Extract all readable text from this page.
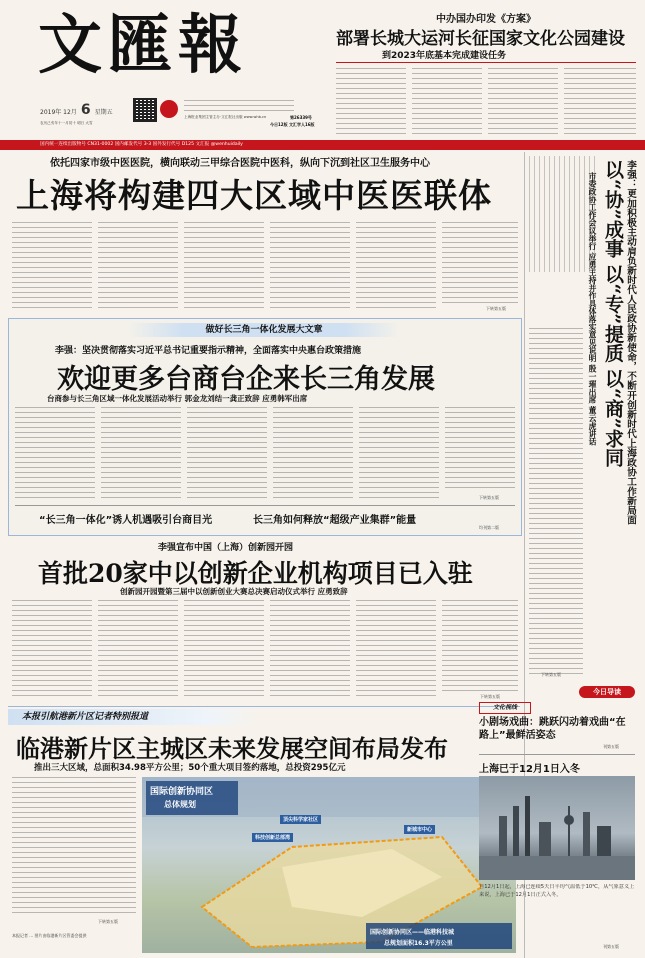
文匯報
2019年 12月 6 星期五
农历己亥年十一月初十 明日 大雪
上海报业集团主管主办·文汇报社出版 www.whb.cn	第26339号
今日12版 文汇学人16版
中办国办印发《方案》
部署长城大运河长征国家文化公园建设
到2023年底基本完成建设任务
国内统一连续出版物号 CN31-0002 国内邮发代号 3-3 国外发行代号 D125 文汇报 @wenhuidaily
依托四家市级中医医院，横向联动三甲综合医院中医科，纵向下沉到社区卫生服务中心
上海将构建四大区域中医医联体
下转第五版
做好长三角一体化发展大文章
李强：坚决贯彻落实习近平总书记重要指示精神，全面落实中央惠台政策措施
欢迎更多台商台企来长三角发展
台商参与长三角区域一体化发展活动举行 郭金龙刘结一龚正致辞 应勇韩军出席
下转第五版
“长三角一体化”诱人机遇吸引台商目光	长三角如何释放“超级产业集群”能量
均刊第二版
李强宣布中国（上海）创新园开园
首批20家中以创新企业机构项目已入驻
创新园开园暨第三届中以创新创业大赛总决赛启动仪式举行 应勇致辞
下转第五版
本报引航港新片区记者特别报道
临港新片区主城区未来发展空间布局发布
推出三大区域，总面积34.98平方公里；50个重大项目签约落地，总投资295亿元
下转第五版
本报记者 … 图片由临港新片区管委会提供
国际创新协同区
总体规划
顶尖科学家社区
科技创新总部湾
新城市中心
国际创新协同区——临港科技城
总规划面积16.3平方公里
李强：更加积极主动肩负新时代人民政协新使命，不断开创新时代上海政协工作新局面
以“协”成事 以“专”提质 以“商”求同
市委政协工作会议举行 应勇主持并作具体落实意见说明 殷一璀出席 董云虎讲话
下转第五版
今日导读
文化视线
小剧场戏曲：跳跃闪动着戏曲“在路上”最鲜活姿态
刊第五版
上海已于12月1日入冬
自12月1日起，上海已连续5天日平均气温低于10℃，从气象意义上来说，上海已于12月1日正式入冬。
刊第五版
